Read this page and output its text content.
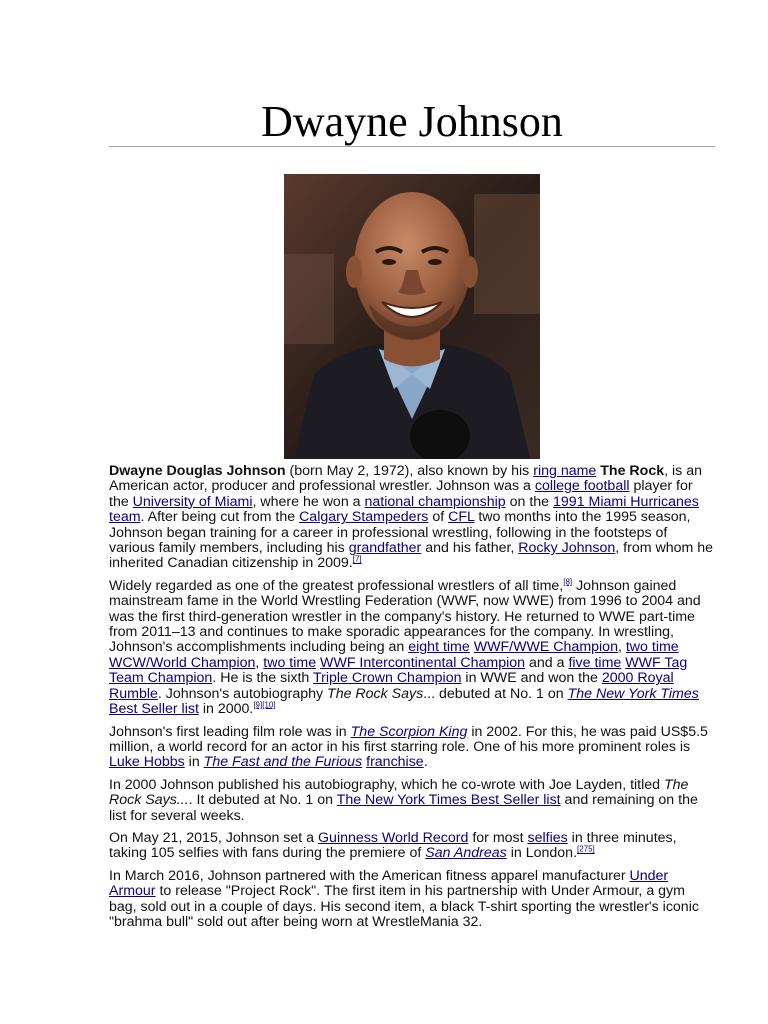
Dwayne Johnson

Dwayne Douglas Johnson (born May 2, 1972), also known by his ring name The Rock, is an American actor, producer and professional wrestler. Johnson was a college football player for the University of Miami, where he won a national championship on the 1991 Miami Hurricanes team. After being cut from the Calgary Stampeders of CFL two months into the 1995 season, Johnson began training for a career in professional wrestling, following in the footsteps of various family members, including his grandfather and his father, Rocky Johnson, from whom he inherited Canadian citizenship in 2009.[7]

Widely regarded as one of the greatest professional wrestlers of all time,[8] Johnson gained mainstream fame in the World Wrestling Federation (WWF, now WWE) from 1996 to 2004 and was the first third-generation wrestler in the company's history. He returned to WWE part-time from 2011–13 and continues to make sporadic appearances for the company. In wrestling, Johnson's accomplishments including being an eight time WWF/WWE Champion, two time WCW/World Champion, two time WWF Intercontinental Champion and a five time WWF Tag Team Champion. He is the sixth Triple Crown Champion in WWE and won the 2000 Royal Rumble. Johnson's autobiography The Rock Says... debuted at No. 1 on The New York Times Best Seller list in 2000.[9][10]

Johnson's first leading film role was in The Scorpion King in 2002. For this, he was paid US$5.5 million, a world record for an actor in his first starring role. One of his more prominent roles is Luke Hobbs in The Fast and the Furious franchise.

In 2000 Johnson published his autobiography, which he co-wrote with Joe Layden, titled The Rock Says.... It debuted at No. 1 on The New York Times Best Seller list and remaining on the list for several weeks.

On May 21, 2015, Johnson set a Guinness World Record for most selfies in three minutes, taking 105 selfies with fans during the premiere of San Andreas in London.[275]

In March 2016, Johnson partnered with the American fitness apparel manufacturer Under Armour to release "Project Rock". The first item in his partnership with Under Armour, a gym bag, sold out in a couple of days. His second item, a black T-shirt sporting the wrestler's iconic "brahma bull" sold out after being worn at WrestleMania 32.
